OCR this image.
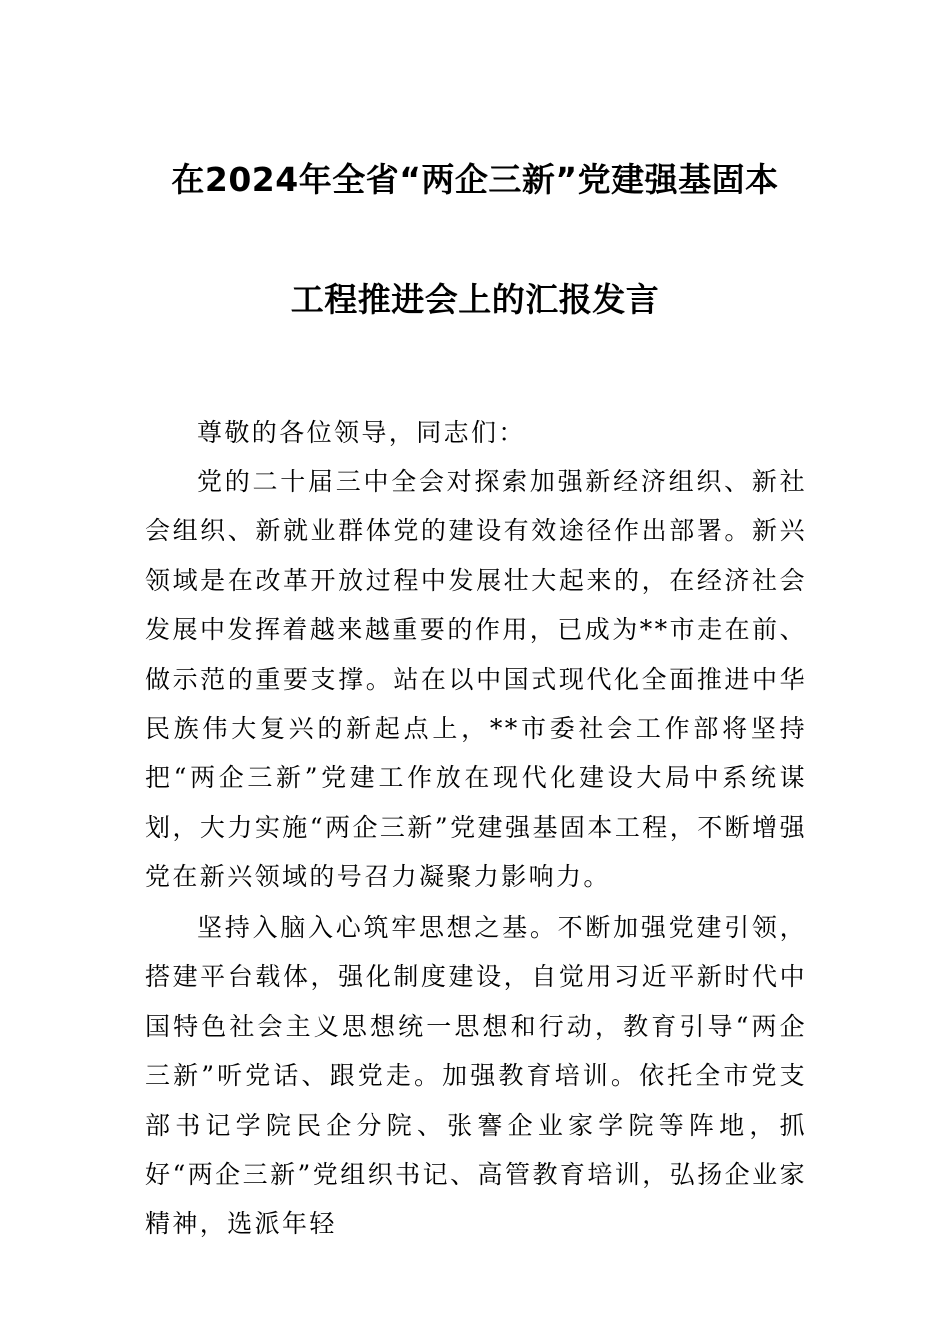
在2024年全省“两企三新”党建强基固本
工程推进会上的汇报发言

尊敬的各位领导，同志们：

党的二十届三中全会对探索加强新经济组织、新社会组织、新就业群体党的建设有效途径作出部署。新兴领域是在改革开放过程中发展壮大起来的，在经济社会发展中发挥着越来越重要的作用，已成为**市走在前、做示范的重要支撑。站在以中国式现代化全面推进中华民族伟大复兴的新起点上，**市委社会工作部将坚持把“两企三新”党建工作放在现代化建设大局中系统谋划，大力实施“两企三新”党建强基固本工程，不断增强党在新兴领域的号召力凝聚力影响力。

坚持入脑入心筑牢思想之基。不断加强党建引领，搭建平台载体，强化制度建设，自觉用习近平新时代中国特色社会主义思想统一思想和行动，教育引导“两企三新”听党话、跟党走。加强教育培训。依托全市党支部书记学院民企分院、张謇企业家学院等阵地，抓好“两企三新”党组织书记、高管教育培训，弘扬企业家精神，选派年轻
